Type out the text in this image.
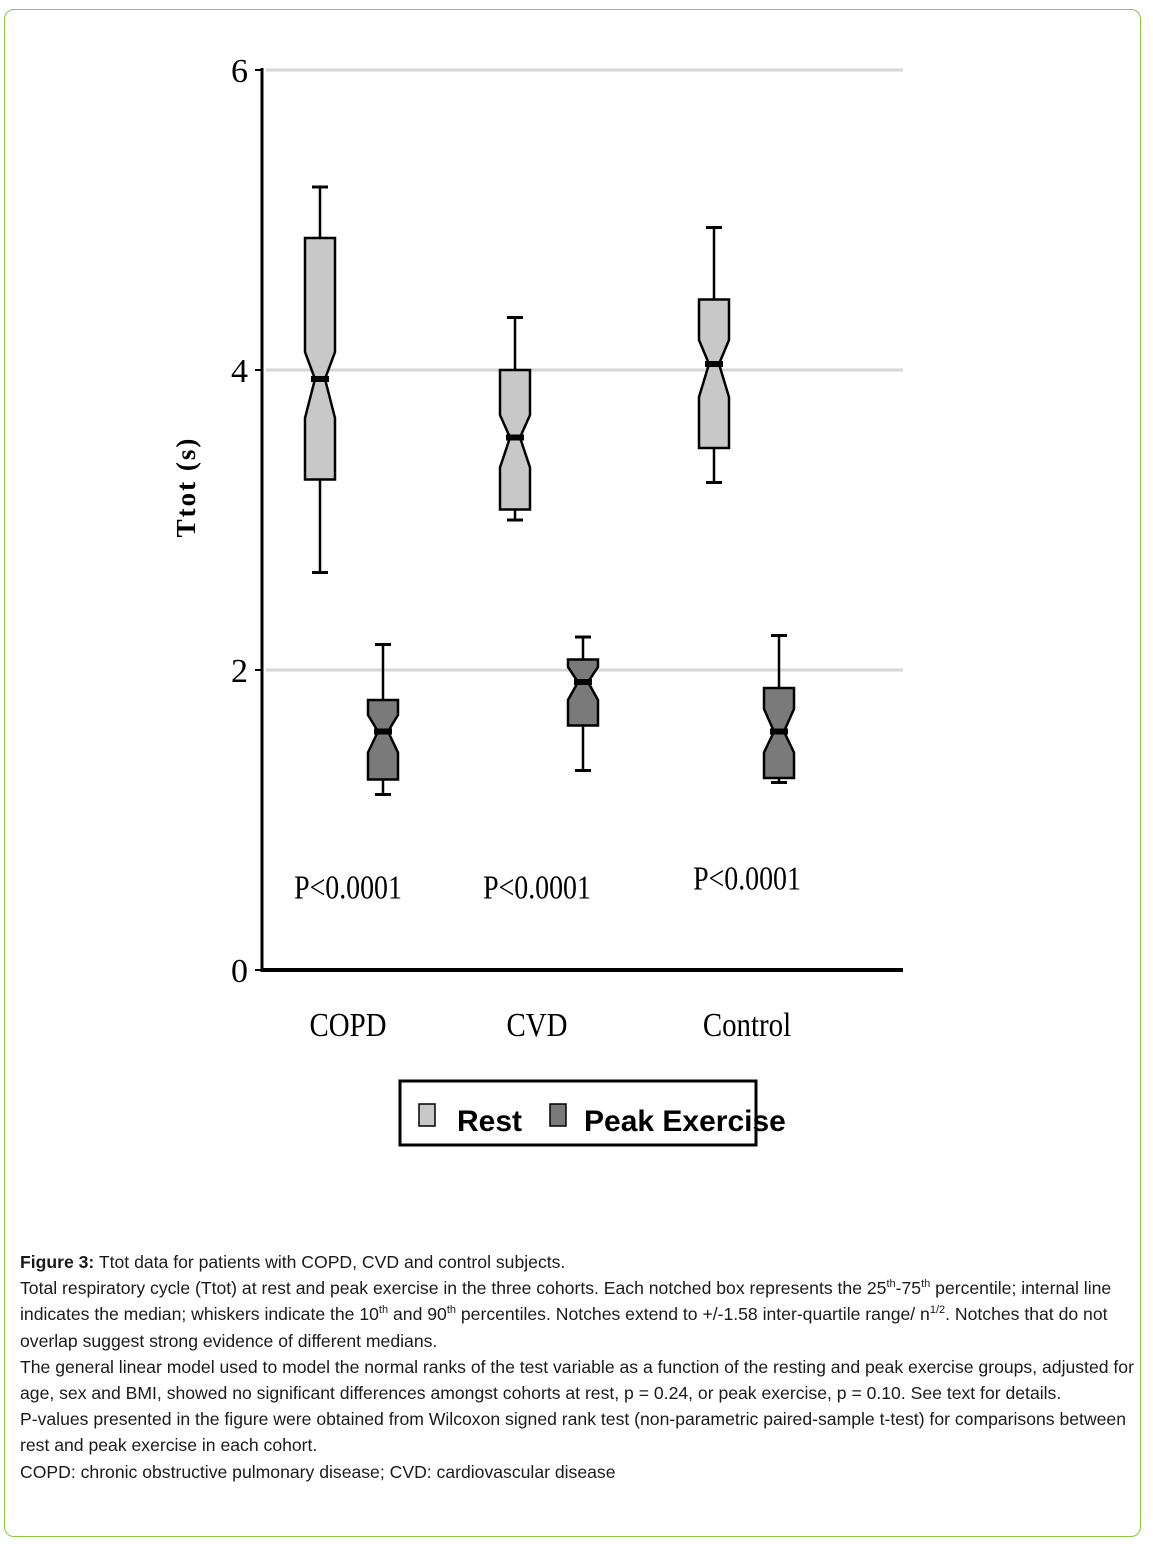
0
2
4
6
Ttot (s)
P<0.0001 P<0.0001	P<0.0001
COPD	CVD	Control
Rest Peak Exercise

Figure 3: Ttot data for patients with COPD, CVD and control subjects.

Total respiratory cycle (Ttot) at rest and peak exercise in the three cohorts. Each notched box represents the 25th-75th percentile; internal line indicates the median; whiskers indicate the 10th and 90th percentiles. Notches extend to +/-1.58 inter-quartile range/ $n^{1/2}$. Notches that do not overlap suggest strong evidence of different medians.

The general linear model used to model the normal ranks of the test variable as a function of the resting and peak exercise groups, adjusted for age, sex and BMI, showed no significant differences amongst cohorts at rest, p = 0.24, or peak exercise, p = 0.10. See text for details.

P-values presented in the figure were obtained from Wilcoxon signed rank test (non-parametric paired-sample t-test) for comparisons between rest and peak exercise in each cohort.

COPD: chronic obstructive pulmonary disease; CVD: cardiovascular disease
